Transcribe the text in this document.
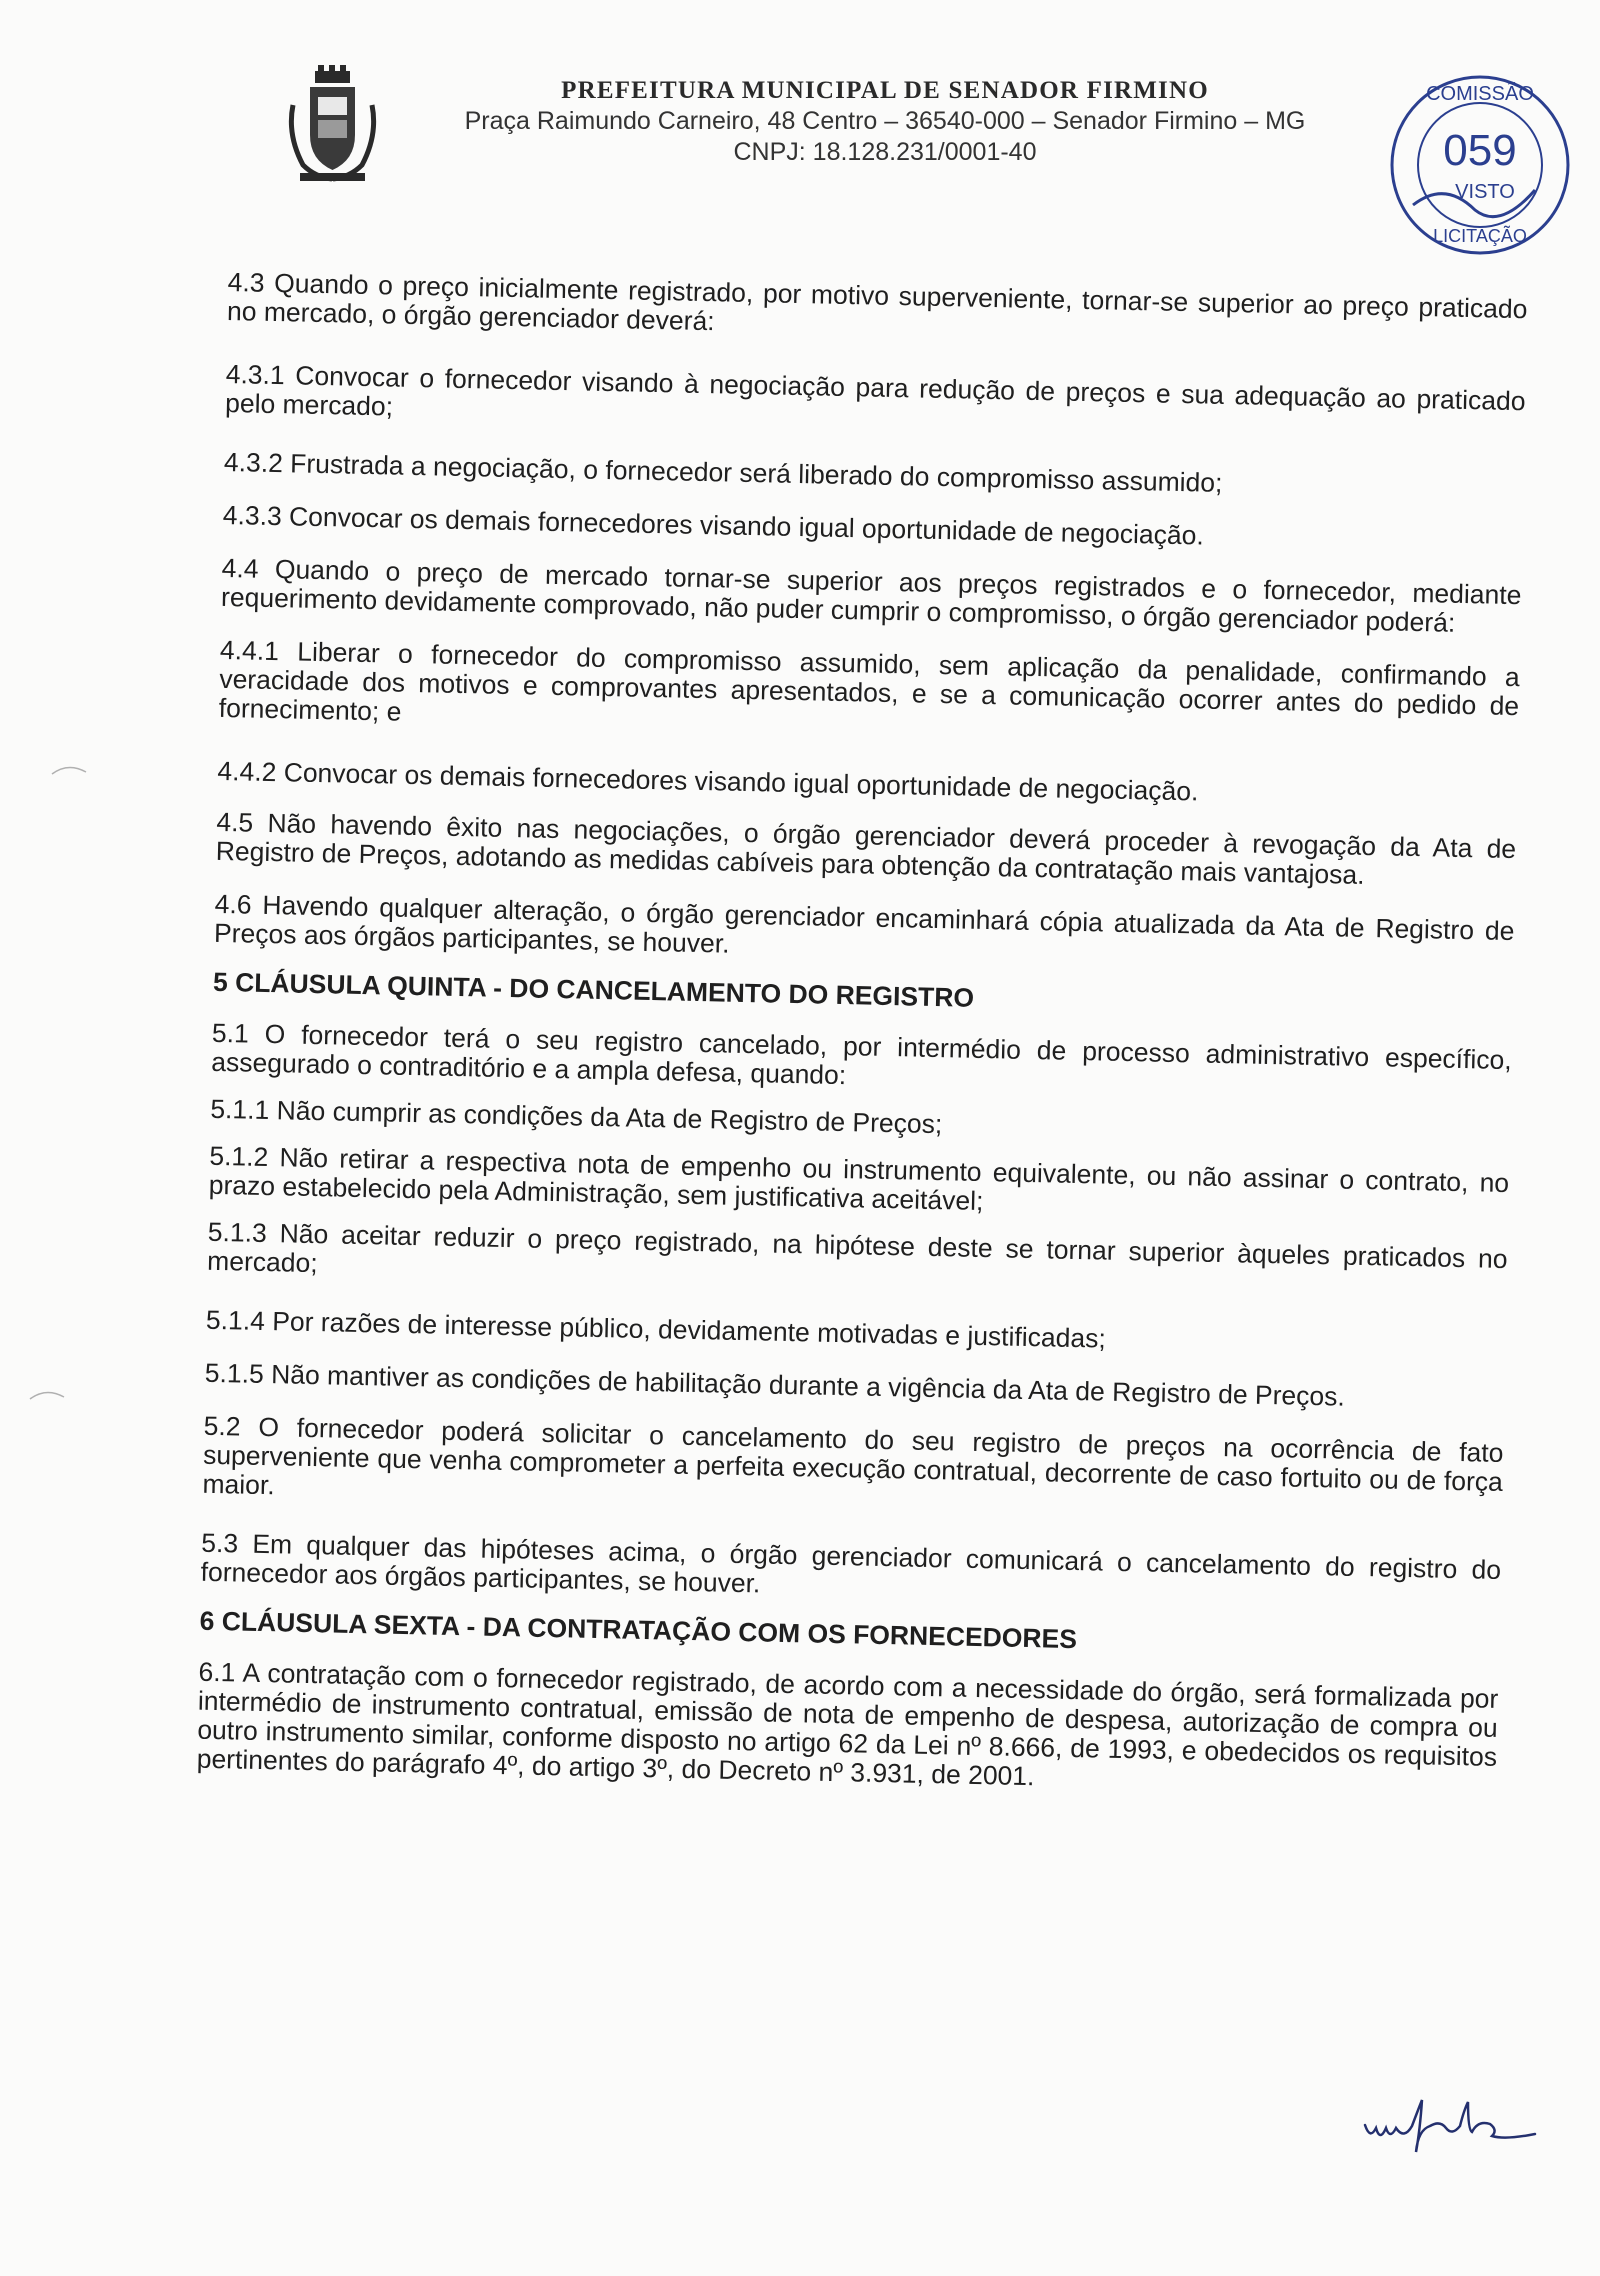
PREFEITURA MUNICIPAL DE SENADOR FIRMINO
Praça Raimundo Carneiro, 48 Centro – 36540-000 – Senador Firmino – MG
CNPJ: 18.128.231/0001-40
COMISSÃO
059
VISTO
LICITAÇÃO

4.3 Quando o preço inicialmente registrado, por motivo superveniente, tornar-se superior ao preço praticado no mercado, o órgão gerenciador deverá:

4.3.1 Convocar o fornecedor visando à negociação para redução de preços e sua adequação ao praticado pelo mercado;

4.3.2 Frustrada a negociação, o fornecedor será liberado do compromisso assumido;

4.3.3 Convocar os demais fornecedores visando igual oportunidade de negociação.

4.4 Quando o preço de mercado tornar-se superior aos preços registrados e o fornecedor, mediante requerimento devidamente comprovado, não puder cumprir o compromisso, o órgão gerenciador poderá:

4.4.1 Liberar o fornecedor do compromisso assumido, sem aplicação da penalidade, confirmando a veracidade dos motivos e comprovantes apresentados, e se a comunicação ocorrer antes do pedido de fornecimento; e

4.4.2 Convocar os demais fornecedores visando igual oportunidade de negociação.

4.5 Não havendo êxito nas negociações, o órgão gerenciador deverá proceder à revogação da Ata de Registro de Preços, adotando as medidas cabíveis para obtenção da contratação mais vantajosa.

4.6 Havendo qualquer alteração, o órgão gerenciador encaminhará cópia atualizada da Ata de Registro de Preços aos órgãos participantes, se houver.

5 CLÁUSULA QUINTA - DO CANCELAMENTO DO REGISTRO

5.1 O fornecedor terá o seu registro cancelado, por intermédio de processo administrativo específico, assegurado o contraditório e a ampla defesa, quando:

5.1.1 Não cumprir as condições da Ata de Registro de Preços;

5.1.2 Não retirar a respectiva nota de empenho ou instrumento equivalente, ou não assinar o contrato, no prazo estabelecido pela Administração, sem justificativa aceitável;

5.1.3 Não aceitar reduzir o preço registrado, na hipótese deste se tornar superior àqueles praticados no mercado;

5.1.4 Por razões de interesse público, devidamente motivadas e justificadas;

5.1.5 Não mantiver as condições de habilitação durante a vigência da Ata de Registro de Preços.

5.2 O fornecedor poderá solicitar o cancelamento do seu registro de preços na ocorrência de fato superveniente que venha comprometer a perfeita execução contratual, decorrente de caso fortuito ou de força maior.

5.3 Em qualquer das hipóteses acima, o órgão gerenciador comunicará o cancelamento do registro do fornecedor aos órgãos participantes, se houver.

6 CLÁUSULA SEXTA - DA CONTRATAÇÃO COM OS FORNECEDORES

6.1 A contratação com o fornecedor registrado, de acordo com a necessidade do órgão, será formalizada por intermédio de instrumento contratual, emissão de nota de empenho de despesa, autorização de compra ou outro instrumento similar, conforme disposto no artigo 62 da Lei nº 8.666, de 1993, e obedecidos os requisitos pertinentes do parágrafo 4º, do artigo 3º, do Decreto nº 3.931, de 2001.
